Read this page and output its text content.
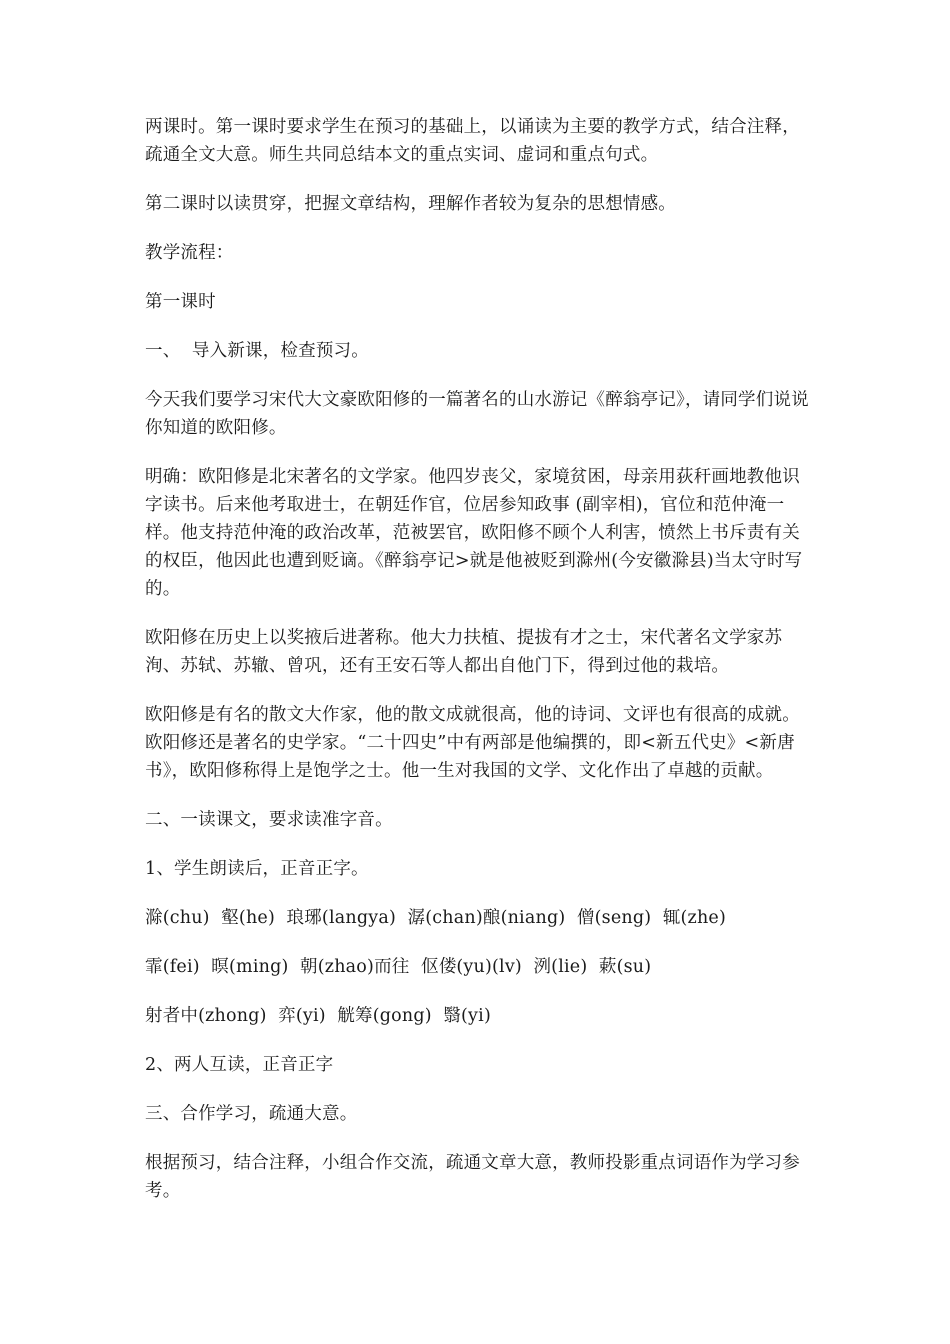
两课时。第一课时要求学生在预习的基础上，以诵读为主要的教学方式，结合注释，疏通全文大意。师生共同总结本文的重点实词、虚词和重点句式。

第二课时以读贯穿，把握文章结构，理解作者较为复杂的思想情感。

教学流程：

第一课时

一、  导入新课，检查预习。

今天我们要学习宋代大文豪欧阳修的一篇著名的山水游记《醉翁亭记》，请同学们说说你知道的欧阳修。

明确：欧阳修是北宋著名的文学家。他四岁丧父，家境贫困，母亲用荻秆画地教他识字读书。后来他考取进士，在朝廷作官，位居参知政事 (副宰相)，官位和范仲淹一样。他支持范仲淹的政治改革，范被罢官，欧阳修不顾个人利害，愤然上书斥责有关的权臣，他因此也遭到贬谪。《醉翁亭记>就是他被贬到滁州(今安徽滁县)当太守时写的。

欧阳修在历史上以奖掖后进著称。他大力扶植、提拔有才之士，宋代著名文学家苏洵、苏轼、苏辙、曾巩，还有王安石等人都出自他门下，得到过他的栽培。

欧阳修是有名的散文大作家，他的散文成就很高，他的诗词、文评也有很高的成就。欧阳修还是著名的史学家。“二十四史”中有两部是他编撰的，即<新五代史》<新唐书》，欧阳修称得上是饱学之士。他一生对我国的文学、文化作出了卓越的贡献。

二、一读课文，要求读准字音。

1、学生朗读后，正音正字。

滁(chu)  壑(he)  琅琊(langya)  潺(chan)酿(niang)  僧(seng)  辄(zhe)

霏(fei)  暝(ming)  朝(zhao)而往  伛偻(yu)(lv)  洌(lie)  蔌(su)

射者中(zhong)  弈(yi)  觥筹(gong)  翳(yi)

2、两人互读，正音正字

三、合作学习，疏通大意。

根据预习，结合注释，小组合作交流，疏通文章大意，教师投影重点词语作为学习参考。
